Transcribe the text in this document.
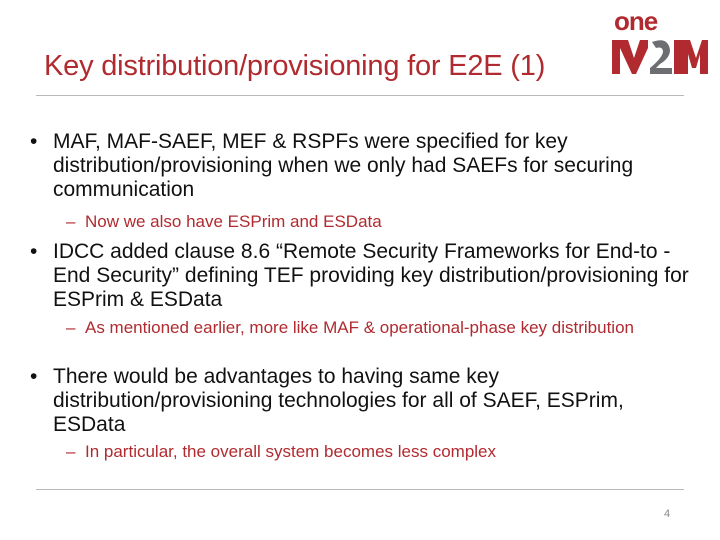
Key distribution/provisioning for E2E (1)
one
• MAF, MAF-SAEF, MEF & RSPFs were specified for key distribution/provisioning when we only had SAEFs for securing communication
– Now we also have ESPrim and ESData
• IDCC added clause 8.6 “Remote Security Frameworks for End-to -End Security” defining TEF providing key distribution/provisioning for ESPrim & ESData
– As mentioned earlier, more like MAF & operational-phase key distribution
• There would be advantages to having same key distribution/provisioning technologies for all of SAEF, ESPrim, ESData
– In particular, the overall system becomes less complex
4
